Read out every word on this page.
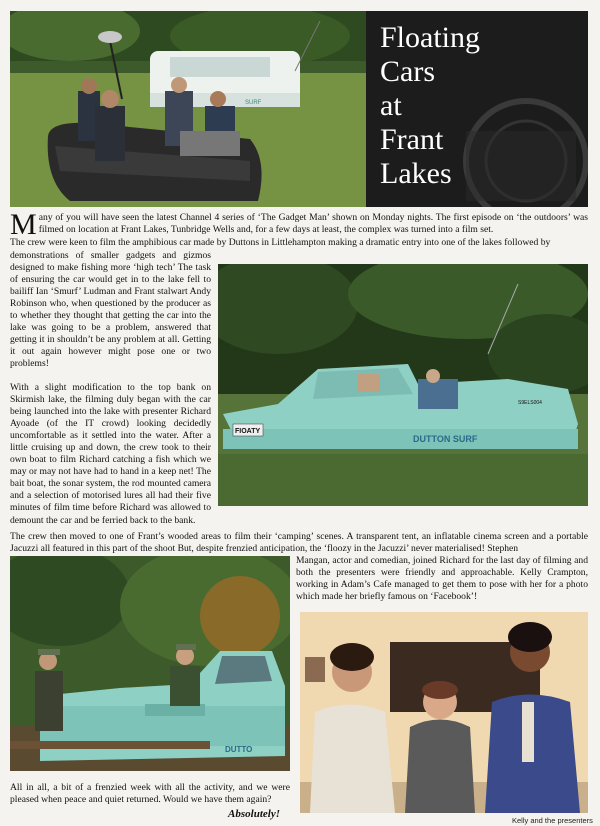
SURF
Floating
Cars
at
Frant
Lakes
Many of you will have seen the latest Channel 4 series of ‘The Gadget Man’ shown on Monday nights. The first episode on ‘the outdoors’ was filmed on location at Frant Lakes, Tunbridge Wells and, for a few days at least, the complex was turned into a film set.
The crew were keen to film the amphibious car made by Duttons in Littlehampton making a dramatic entry into one of the lakes followed by
demonstrations of smaller gadgets and gizmos designed to make fishing more ‘high tech’ The task of ensuring the car would get in to the lake fell to bailiff Ian ‘Smurf’ Ludman and Frant stalwart Andy Robinson who, when questioned by the producer as to whether they thought that getting the car into the lake was going to be a problem, answered that getting it in shouldn’t be any problem at all. Getting it out again however might pose one or two problems!
With a slight modification to the top bank on Skirmish lake, the filming duly began with the car being launched into the lake with presenter Richard Ayoade (of the IT crowd) looking decidedly uncomfortable as it settled into the water. After a little cruising up and down, the crew took to their own boat to film Richard catching a fish which we may or may not have had to hand in a keep net! The bait boat, the sonar system, the rod mounted camera and a selection of motorised lures all had their five minutes of film time before Richard was allowed to demount the car and be ferried back to the bank.
FIOATY
DUTTON SURF
S9ELS004
The crew then moved to one of Frant’s wooded areas to film their ‘camping’ scenes. A transparent tent, an inflatable cinema screen and a portable Jacuzzi all featured in this part of the shoot But, despite frenzied anticipation, the ‘floozy in the Jacuzzi’ never materialised! Stephen
Mangan, actor and comedian, joined Richard for the last day of filming and both the presenters were friendly and approachable. Kelly Crampton, working in Adam’s Cafe managed to get them to pose with her for a photo which made her briefly famous on ‘Facebook’!
DUTTO
All in all, a bit of a frenzied week with all the activity, and we were pleased when peace and quiet returned. Would we have them again?
Absolutely!
Kelly and the presenters
